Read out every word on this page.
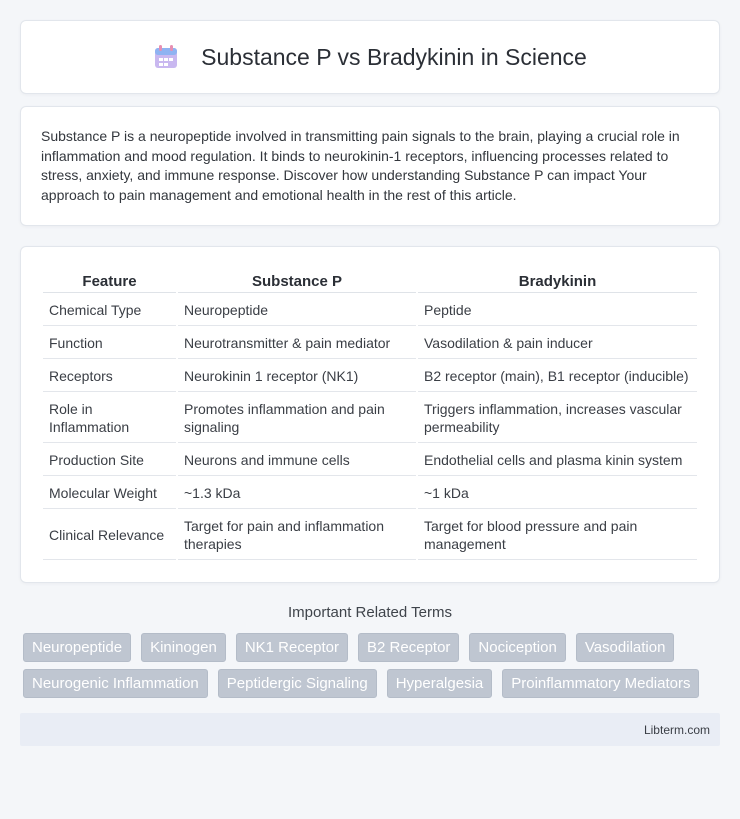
Substance P vs Bradykinin in Science
Substance P is a neuropeptide involved in transmitting pain signals to the brain, playing a crucial role in inflammation and mood regulation. It binds to neurokinin-1 receptors, influencing processes related to stress, anxiety, and immune response. Discover how understanding Substance P can impact Your approach to pain management and emotional health in the rest of this article.
Feature	Substance P	Bradykinin
Chemical Type	Neuropeptide	Peptide
Function	Neurotransmitter & pain mediator	Vasodilation & pain inducer
Receptors	Neurokinin 1 receptor (NK1)	B2 receptor (main), B1 receptor (inducible)
Role in Inflammation	Promotes inflammation and pain signaling	Triggers inflammation, increases vascular permeability
Production Site	Neurons and immune cells	Endothelial cells and plasma kinin system
Molecular Weight	~1.3 kDa	~1 kDa
Clinical Relevance	Target for pain and inflammation therapies	Target for blood pressure and pain management
Important Related Terms
Neuropeptide	Kininogen	NK1 Receptor	B2 Receptor	Nociception	Vasodilation
Neurogenic Inflammation	Peptidergic Signaling	Hyperalgesia	Proinflammatory Mediators
Libterm.com
